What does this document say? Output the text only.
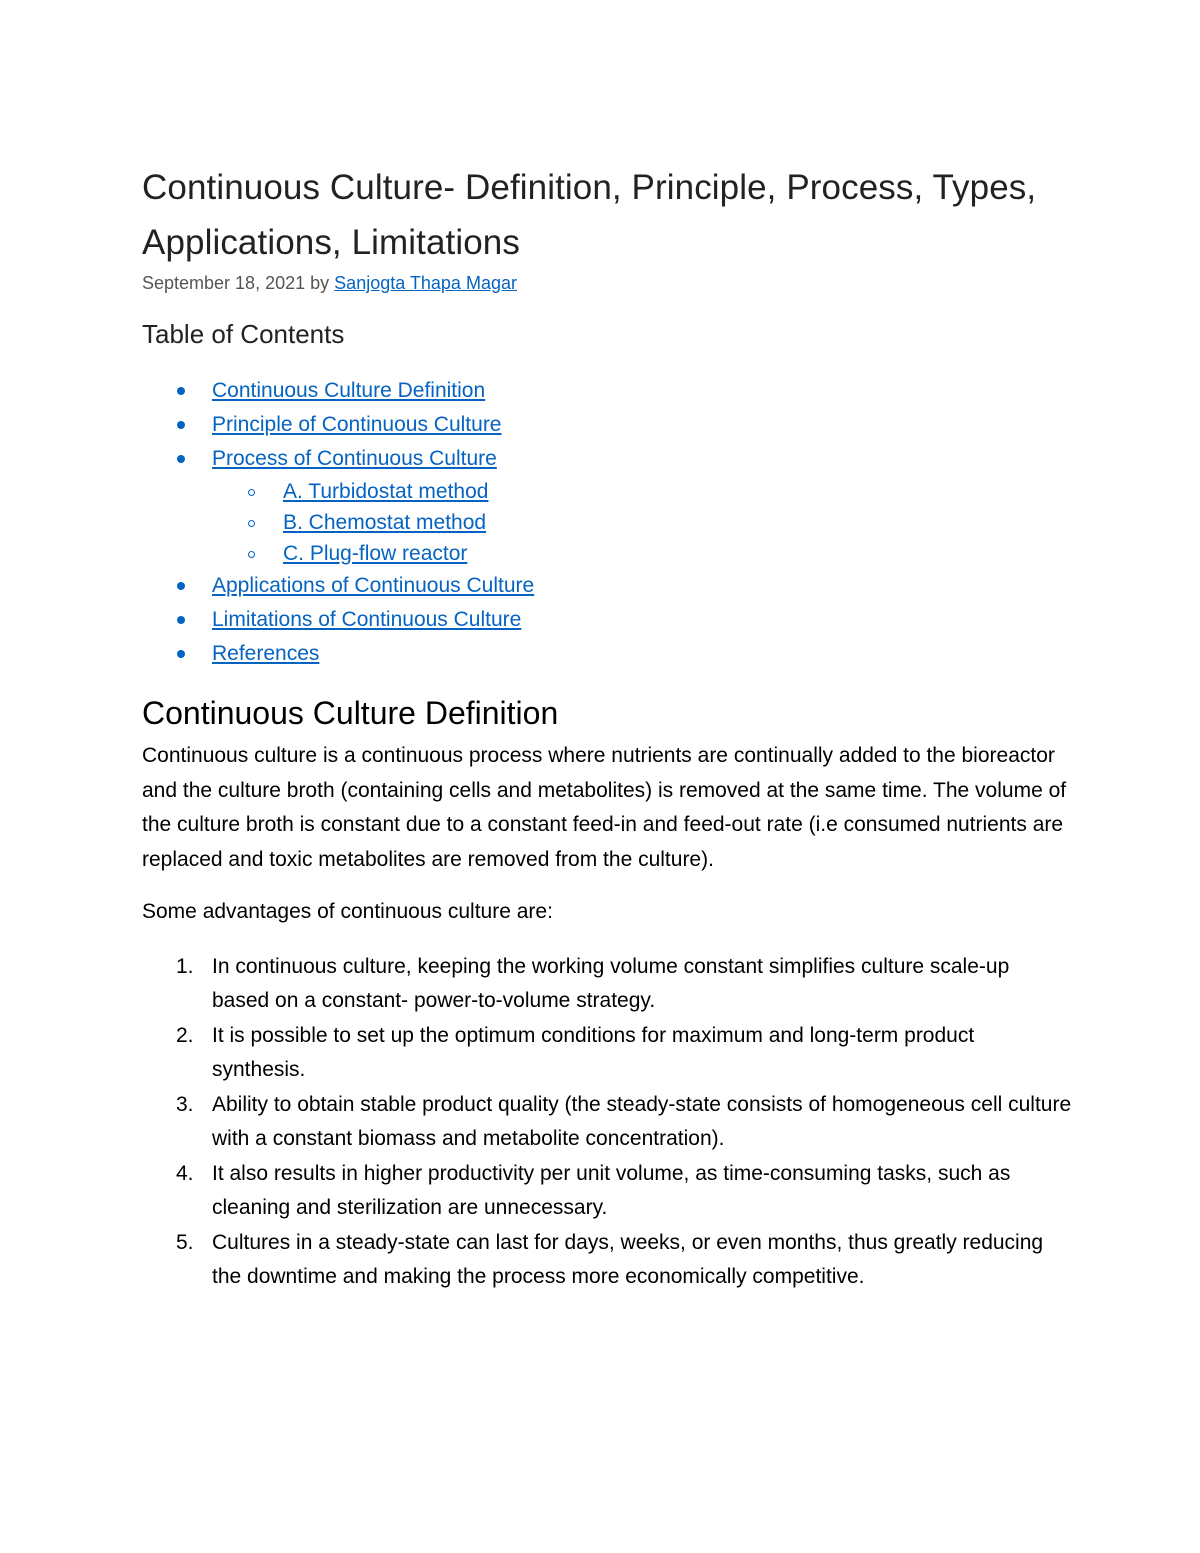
Continuous Culture- Definition, Principle, Process, Types, Applications, Limitations
September 18, 2021 by Sanjogta Thapa Magar
Table of Contents
Continuous Culture Definition
Principle of Continuous Culture
Process of Continuous Culture
A. Turbidostat method
B. Chemostat method
C. Plug-flow reactor
Applications of Continuous Culture
Limitations of Continuous Culture
References
Continuous Culture Definition

Continuous culture is a continuous process where nutrients are continually added to the bioreactor and the culture broth (containing cells and metabolites) is removed at the same time. The volume of the culture broth is constant due to a constant feed-in and feed-out rate (i.e consumed nutrients are replaced and toxic metabolites are removed from the culture).

Some advantages of continuous culture are:

1. In continuous culture, keeping the working volume constant simplifies culture scale-up based on a constant- power-to-volume strategy.
2. It is possible to set up the optimum conditions for maximum and long-term product synthesis.
3. Ability to obtain stable product quality (the steady-state consists of homogeneous cell culture with a constant biomass and metabolite concentration).
4. It also results in higher productivity per unit volume, as time-consuming tasks, such as cleaning and sterilization are unnecessary.
5. Cultures in a steady-state can last for days, weeks, or even months, thus greatly reducing the downtime and making the process more economically competitive.
